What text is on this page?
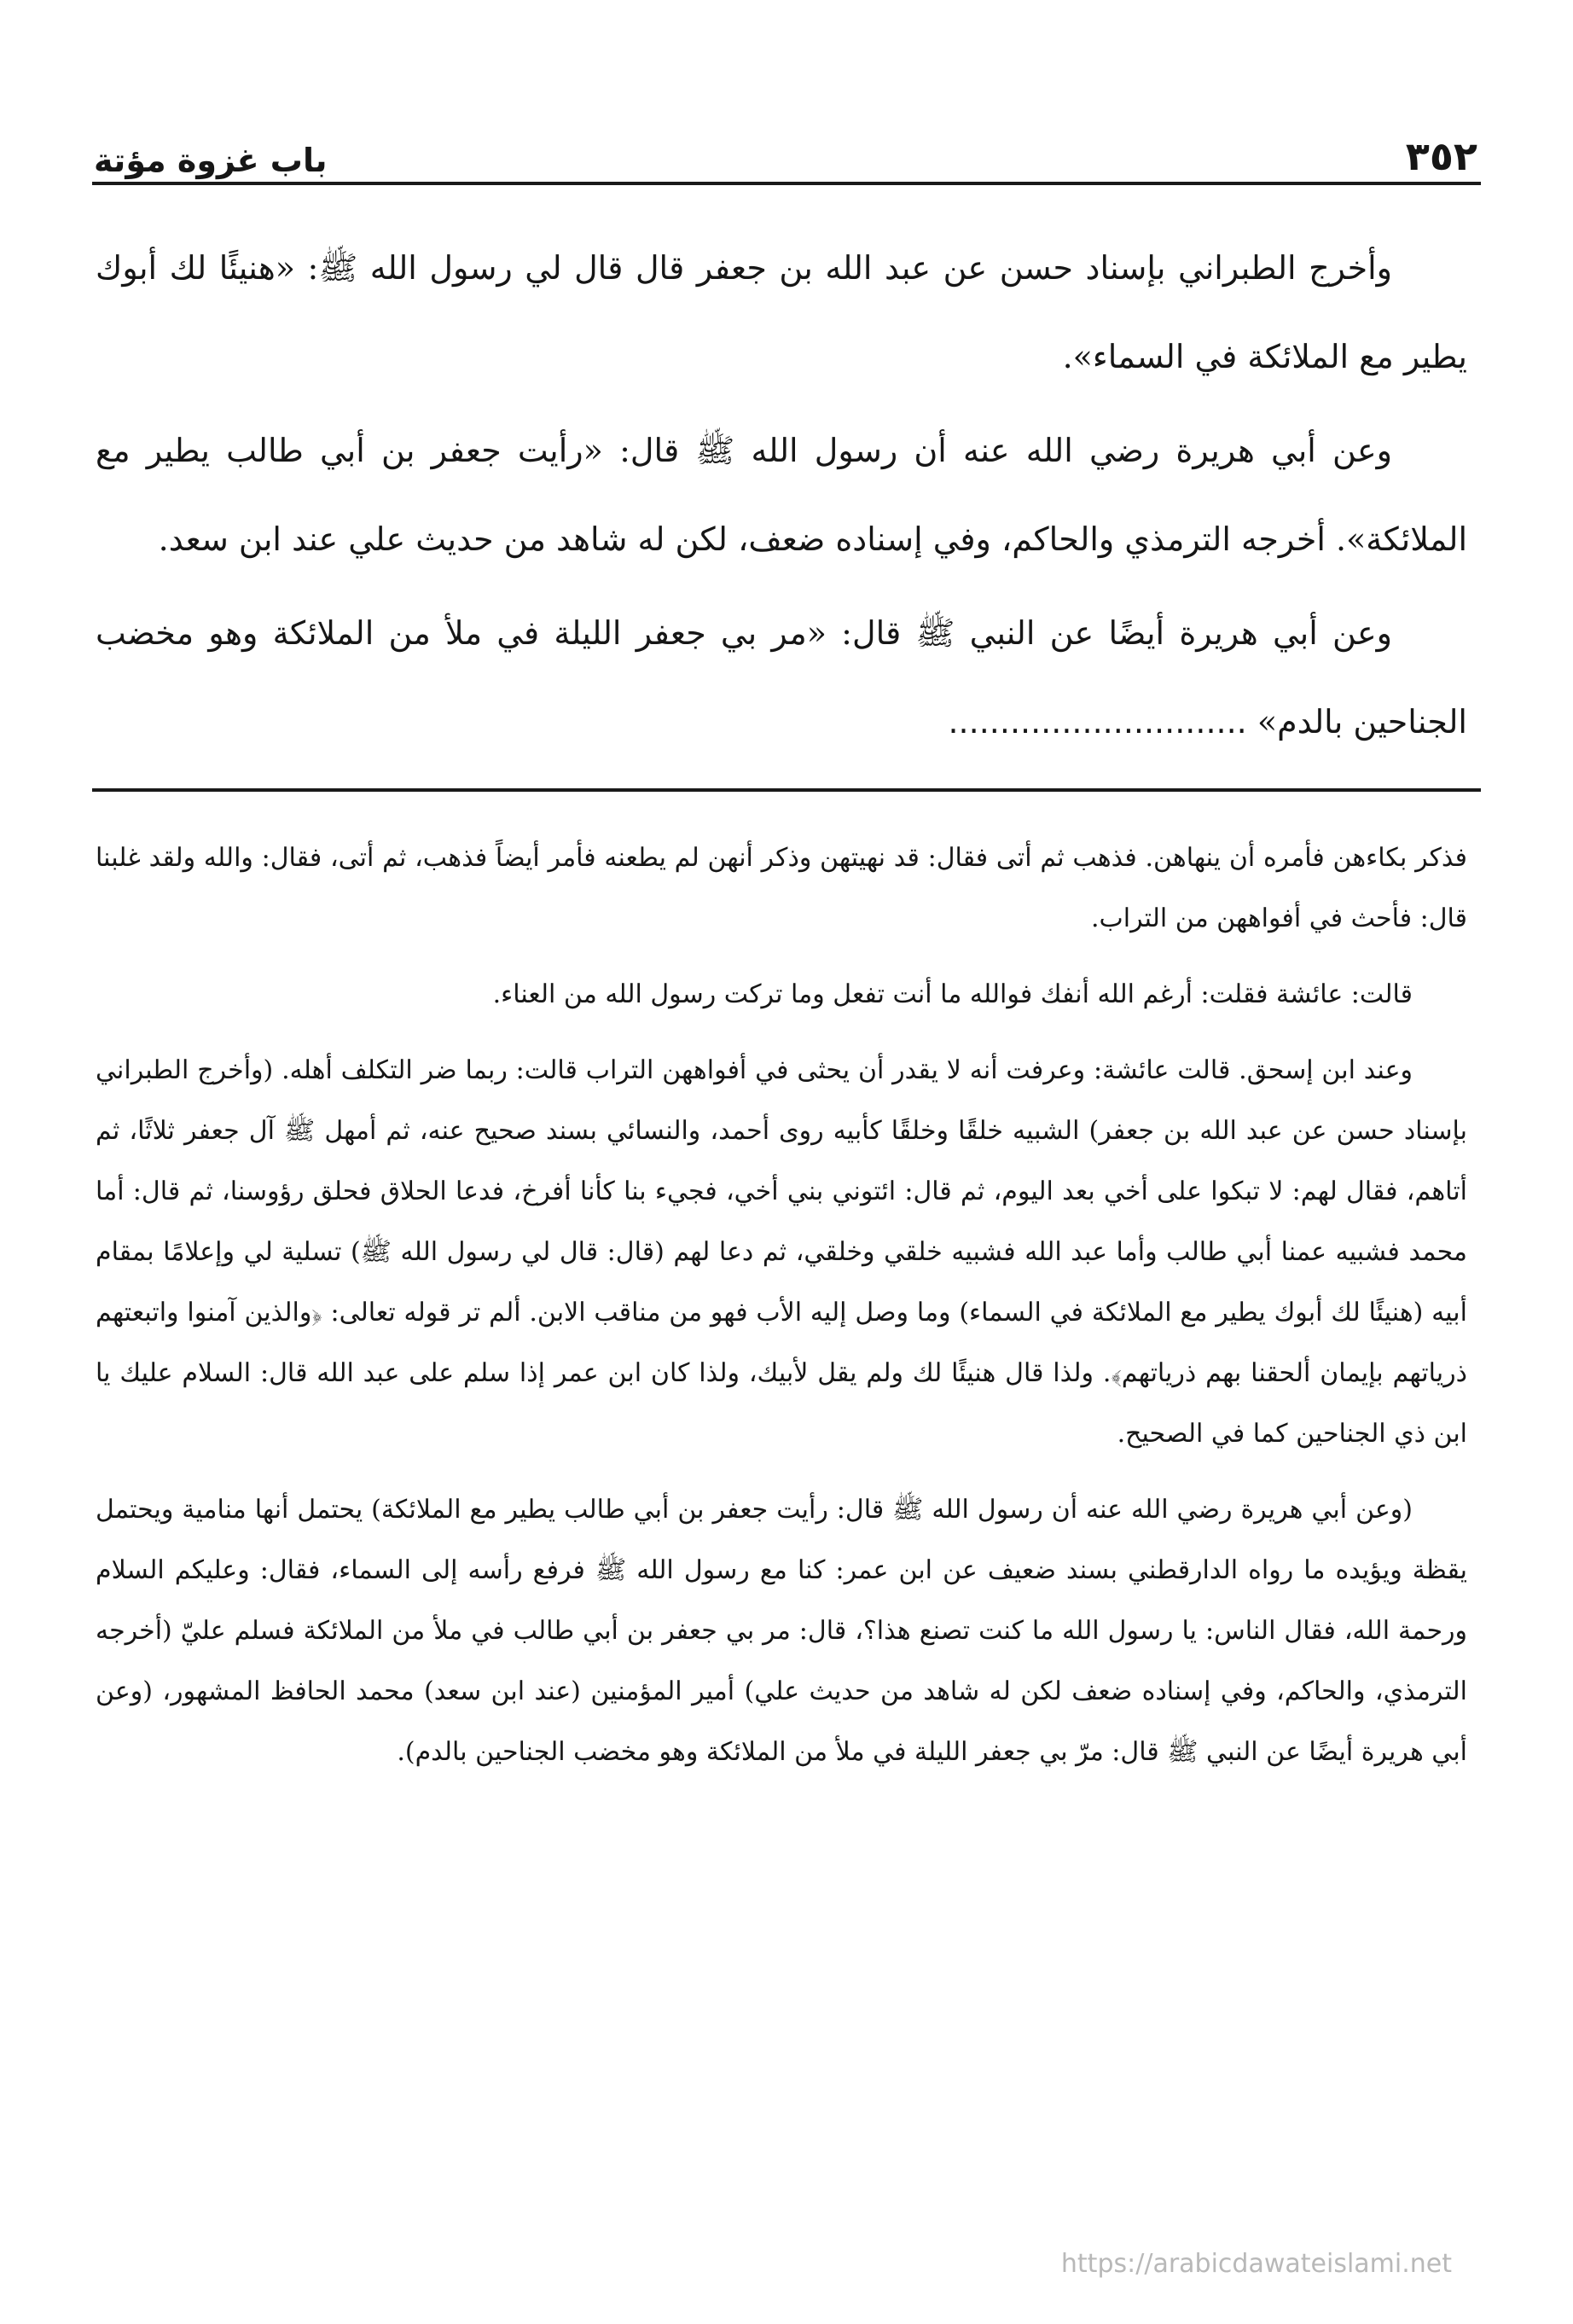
٣٥٢
باب غزوة مؤتة

وأخرج الطبراني بإسناد حسن عن عبد الله بن جعفر قال قال لي رسول الله ﷺ: «هنيئًا لك أبوك يطير مع الملائكة في السماء».

وعن أبي هريرة رضي الله عنه أن رسول الله ﷺ قال: «رأيت جعفر بن أبي طالب يطير مع الملائكة». أخرجه الترمذي والحاكم، وفي إسناده ضعف، لكن له شاهد من حديث علي عند ابن سعد.

وعن أبي هريرة أيضًا عن النبي ﷺ قال: «مر بي جعفر الليلة في ملأ من الملائكة وهو مخضب الجناحين بالدم» .............................

فذكر بكاءهن فأمره أن ينهاهن. فذهب ثم أتى فقال: قد نهيتهن وذكر أنهن لم يطعنه فأمر أيضاً فذهب، ثم أتى، فقال: والله ولقد غلبنا قال: فأحث في أفواههن من التراب.

قالت: عائشة فقلت: أرغم الله أنفك فوالله ما أنت تفعل وما تركت رسول الله من العناء.

وعند ابن إسحق. قالت عائشة: وعرفت أنه لا يقدر أن يحثى في أفواههن التراب قالت: ربما ضر التكلف أهله. (وأخرج الطبراني بإسناد حسن عن عبد الله بن جعفر) الشبيه خلقًا وخلقًا كأبيه روى أحمد، والنسائي بسند صحيح عنه، ثم أمهل ﷺ آل جعفر ثلاثًا، ثم أتاهم، فقال لهم: لا تبكوا على أخي بعد اليوم، ثم قال: ائتوني بني أخي، فجيء بنا كأنا أفرخ، فدعا الحلاق فحلق رؤوسنا، ثم قال: أما محمد فشبيه عمنا أبي طالب وأما عبد الله فشبيه خلقي وخلقي، ثم دعا لهم (قال: قال لي رسول الله ﷺ) تسلية لي وإعلامًا بمقام أبيه (هنيئًا لك أبوك يطير مع الملائكة في السماء) وما وصل إليه الأب فهو من مناقب الابن. ألم تر قوله تعالى: ﴿والذين آمنوا واتبعتهم ذرياتهم بإيمان ألحقنا بهم ذرياتهم﴾. ولذا قال هنيئًا لك ولم يقل لأبيك، ولذا كان ابن عمر إذا سلم على عبد الله قال: السلام عليك يا ابن ذي الجناحين كما في الصحيح.

(وعن أبي هريرة رضي الله عنه أن رسول الله ﷺ قال: رأيت جعفر بن أبي طالب يطير مع الملائكة) يحتمل أنها منامية ويحتمل يقظة ويؤيده ما رواه الدارقطني بسند ضعيف عن ابن عمر: كنا مع رسول الله ﷺ فرفع رأسه إلى السماء، فقال: وعليكم السلام ورحمة الله، فقال الناس: يا رسول الله ما كنت تصنع هذا؟، قال: مر بي جعفر بن أبي طالب في ملأ من الملائكة فسلم عليّ (أخرجه الترمذي، والحاكم، وفي إسناده ضعف لكن له شاهد من حديث علي) أمير المؤمنين (عند ابن سعد) محمد الحافظ المشهور، (وعن أبي هريرة أيضًا عن النبي ﷺ قال: مرّ بي جعفر الليلة في ملأ من الملائكة وهو مخضب الجناحين بالدم).

https://arabicdawateislami.net
